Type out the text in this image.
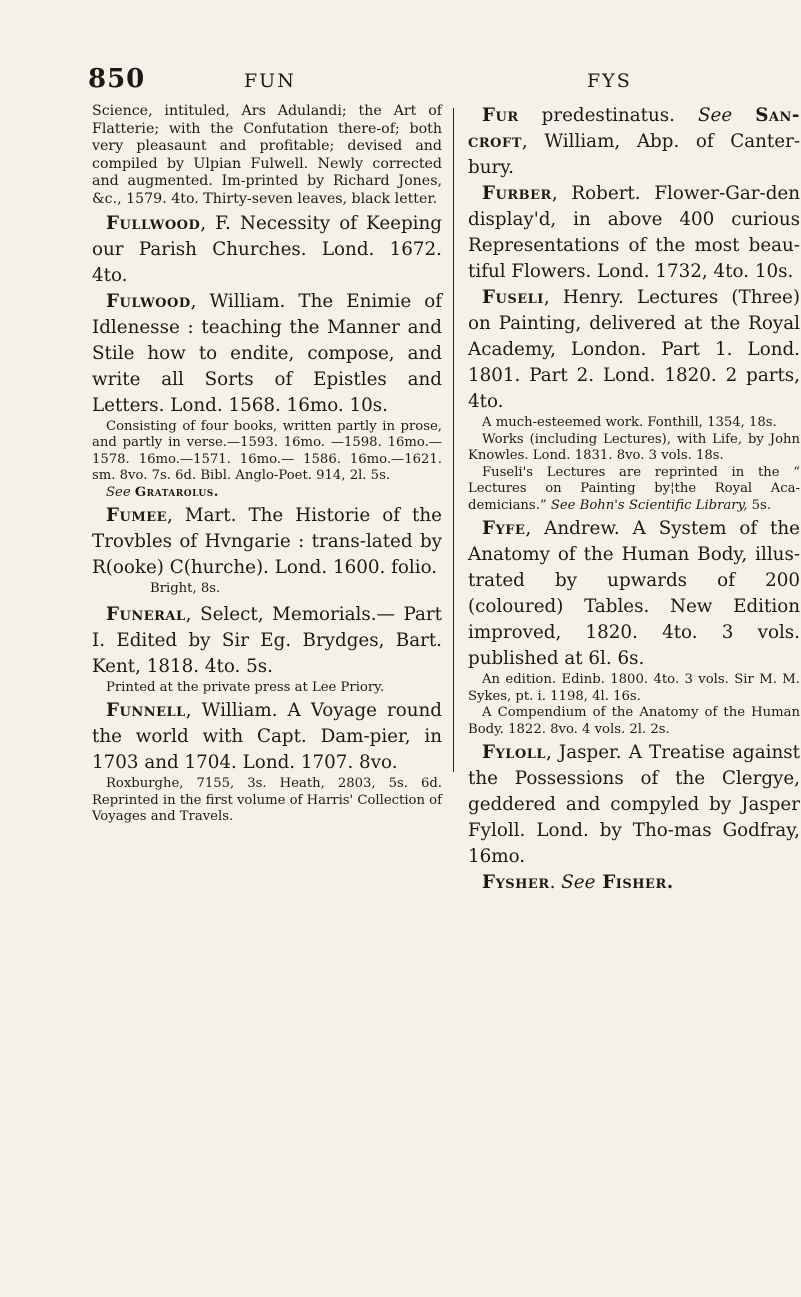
850	FUN	FYS

Science, intituled, Ars Adulandi; the Art of Flatterie; with the Confutation there-of; both very pleasaunt and profitable; devised and compiled by Ulpian Fulwell. Newly corrected and augmented. Im-printed by Richard Jones, &c., 1579. 4to. Thirty-seven leaves, black letter.

Fullwood, F. Necessity of Keeping our Parish Churches. Lond. 1672. 4to.

Fulwood, William. The Enimie of Idlenesse : teaching the Manner and Stile how to endite, compose, and write all Sorts of Epistles and Letters. Lond. 1568. 16mo. 10s.

Consisting of four books, written partly in prose, and partly in verse.—1593. 16mo. —1598. 16mo.—1578. 16mo.—1571. 16mo.— 1586. 16mo.—1621. sm. 8vo. 7s. 6d. Bibl. Anglo-Poet. 914, 2l. 5s.

See Gratarolus.

Fumee, Mart. The Historie of the Trovbles of Hvngarie : trans-lated by R(ooke) C(hurche). Lond. 1600. folio.

Bright, 8s.

Funeral, Select, Memorials.— Part I. Edited by Sir Eg. Brydges, Bart. Kent, 1818. 4to. 5s.

Printed at the private press at Lee Priory.

Funnell, William. A Voyage round the world with Capt. Dam-pier, in 1703 and 1704. Lond. 1707. 8vo.

Roxburghe, 7155, 3s. Heath, 2803, 5s. 6d. Reprinted in the first volume of Harris' Collection of Voyages and Travels.

Fur predestinatus. See San-croft, William, Abp. of Canter-bury.

Furber, Robert. Flower-Gar-den display'd, in above 400 curious Representations of the most beau-tiful Flowers. Lond. 1732, 4to. 10s.

Fuseli, Henry. Lectures (Three) on Painting, delivered at the Royal Academy, London. Part 1. Lond. 1801. Part 2. Lond. 1820. 2 parts, 4to.

A much-esteemed work. Fonthill, 1354, 18s.

Works (including Lectures), with Life, by John Knowles. Lond. 1831. 8vo. 3 vols. 18s.

Fuseli's Lectures are reprinted in the “ Lectures on Painting by¦the Royal Aca-demicians.” See Bohn's Scientific Library, 5s.

Fyfe, Andrew. A System of the Anatomy of the Human Body, illus-trated by upwards of 200 (coloured) Tables. New Edition improved, 1820. 4to. 3 vols. published at 6l. 6s.

An edition. Edinb. 1800. 4to. 3 vols. Sir M. M. Sykes, pt. i. 1198, 4l. 16s.

A Compendium of the Anatomy of the Human Body. 1822. 8vo. 4 vols. 2l. 2s.

Fyloll, Jasper. A Treatise against the Possessions of the Clergye, geddered and compyled by Jasper Fyloll. Lond. by Tho-mas Godfray, 16mo.

Fysher. See Fisher.
